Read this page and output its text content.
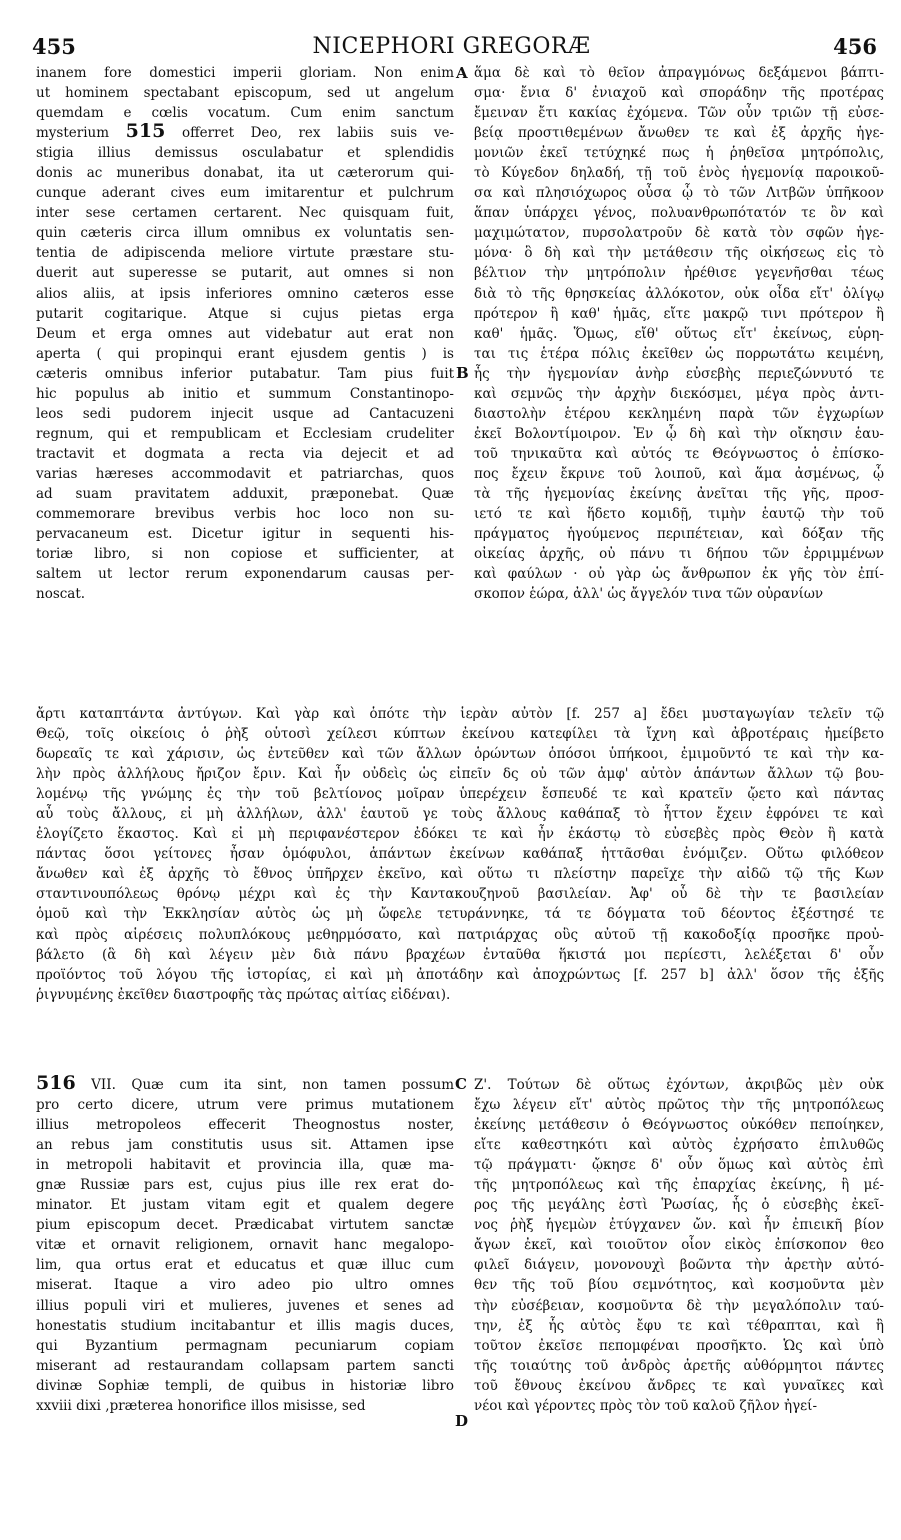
455	NICEPHORI GREGORÆ	456
inanem fore domestici imperii gloriam. Non enim
ut hominem spectabant episcopum, sed ut angelum
quemdam e cœlis vocatum. Cum enim sanctum
mysterium 515 offerret Deo, rex labiis suis ve-
stigia illius demissus osculabatur et splendidis
donis ac muneribus donabat, ita ut cæterorum qui-
cunque aderant cives eum imitarentur et pulchrum
inter sese certamen certarent. Nec quisquam fuit,
quin cæteris circa illum omnibus ex voluntatis sen-
tentia de adipiscenda meliore virtute præstare stu-
duerit aut superesse se putarit, aut omnes si non
alios aliis, at ipsis inferiores omnino cæteros esse
putarit cogitarique. Atque si cujus pietas erga
Deum et erga omnes aut videbatur aut erat non
aperta ( qui propinqui erant ejusdem gentis ) is
cæteris omnibus inferior putabatur. Tam pius fuit
hic populus ab initio et summum Constantinopo-
leos sedi pudorem injecit usque ad Cantacuzeni
regnum, qui et rempublicam et Ecclesiam crudeliter
tractavit et dogmata a recta via dejecit et ad
varias hæreses accommodavit et patriarchas, quos
ad suam pravitatem adduxit, præponebat. Quæ
commemorare brevibus verbis hoc loco non su-
pervacaneum est. Dicetur igitur in sequenti his-
toriæ libro, si non copiose et sufficienter, at
saltem ut lector rerum exponendarum causas per-
noscat.
ἅμα δὲ καὶ τὸ θεῖον ἀπραγμόνως δεξάμενοι βάπτι-
σμα· ἔνια δ' ἐνιαχοῦ καὶ σποράδην τῆς προτέρας
ἔμειναν ἔτι κακίας ἐχόμενα. Τῶν οὖν τριῶν τῇ εὐσε-
βείᾳ προστιθεμένων ἄνωθεν τε καὶ ἐξ ἀρχῆς ἡγε-
μονιῶν ἐκεῖ τετύχηκέ πως ἡ ῥηθεῖσα μητρόπολις,
τὸ Κύγεδον δηλαδή, τῇ τοῦ ἑνὸς ἡγεμονίᾳ παροικοῦ-
σα καὶ πλησιόχωρος οὖσα ᾧ τὸ τῶν Λιτβῶν ὑπῆκοον
ἅπαν ὑπάρχει γένος, πολυανθρωπότατόν τε ὂν καὶ
μαχιμώτατον, πυρσολατροῦν δὲ κατὰ τὸν σφῶν ἡγε-
μόνα· ὃ δὴ καὶ τὴν μετάθεσιν τῆς οἰκήσεως εἰς τὸ
βέλτιον τὴν μητρόπολιν ἠρέθισε γεγενῆσθαι τέως
διὰ τὸ τῆς θρησκείας ἀλλόκοτον, οὐκ οἶδα εἴτ' ὀλίγῳ
πρότερον ἢ καθ' ἡμᾶς, εἴτε μακρῷ τινι πρότερον ἢ
καθ' ἡμᾶς. Ὅμως, εἴθ' οὕτως εἴτ' ἐκείνως, εὑρη-
ται τις ἑτέρα πόλις ἐκεῖθεν ὡς πορρωτάτω κειμένη,
ἧς τὴν ἡγεμονίαν ἀνὴρ εὐσεβὴς περιεζώννυτό τε
καὶ σεμνῶς τὴν ἀρχὴν διεκόσμει, μέγα πρὸς ἀντι-
διαστολὴν ἑτέρου κεκλημένη παρὰ τῶν ἐγχωρίων
ἐκεῖ Βολοντίμοιρον. Ἐν ᾧ δὴ καὶ τὴν οἴκησιν ἑαυ-
τοῦ τηνικαῦτα καὶ αὐτός τε Θεόγνωστος ὁ ἐπίσκο-
πος ἔχειν ἔκρινε τοῦ λοιποῦ, καὶ ἅμα ἀσμένως, ᾧ
τὰ τῆς ἡγεμονίας ἐκείνης ἀνεῖται τῆς γῆς, προσ-
ιετό τε καὶ ἥδετο κομιδῇ, τιμὴν ἑαυτῷ τὴν τοῦ
πράγματος ἡγούμενος περιπέτειαν, καὶ δόξαν τῆς
οἰκείας ἀρχῆς, οὐ πάνυ τι δήπου τῶν ἐρριμμένων
καὶ φαύλων · οὐ γὰρ ὡς ἄνθρωπον ἐκ γῆς τὸν ἐπί-
σκοπον ἑώρα, ἀλλ' ὡς ἄγγελόν τινα τῶν οὐρανίων
A
B
ἄρτι καταπτάντα ἀντύγων. Καὶ γὰρ καὶ ὁπότε τὴν ἱερὰν αὐτὸν [f. 257 a] ἔδει μυσταγωγίαν τελεῖν τῷ
Θεῷ, τοῖς οἰκείοις ὁ ῥὴξ οὑτοσὶ χείλεσι κύπτων ἐκείνου κατεφίλει τὰ ἴχνη καὶ ἀβροτέραις ἠμείβετο
δωρεαῖς τε καὶ χάρισιν, ὡς ἐντεῦθεν καὶ τῶν ἄλλων ὁρώντων ὁπόσοι ὑπήκοοι, ἐμιμοῦντό τε καὶ τὴν κα-
λὴν πρὸς ἀλλήλους ἤριζον ἔριν. Καὶ ἦν οὐδεὶς ὡς εἰπεῖν δς οὐ τῶν ἀμφ' αὐτὸν ἁπάντων ἄλλων τῷ βου-
λομένῳ τῆς γνώμης ἐς τὴν τοῦ βελτίονος μοῖραν ὑπερέχειν ἔσπευδέ τε καὶ κρατεῖν ᾤετο καὶ πάντας
αὖ τοὺς ἄλλους, εἰ μὴ ἀλλήλων, ἀλλ' ἑαυτοῦ γε τοὺς ἄλλους καθάπαξ τὸ ἧττον ἔχειν ἐφρόνει τε καὶ
ἐλογίζετο ἕκαστος. Καὶ εἰ μὴ περιφανέστερον ἐδόκει τε καὶ ἦν ἑκάστῳ τὸ εὐσεβὲς πρὸς Θεὸν ἢ κατὰ
πάντας ὅσοι γείτονες ἦσαν ὁμόφυλοι, ἁπάντων ἐκείνων καθάπαξ ἡττᾶσθαι ἐνόμιζεν. Οὕτω φιλόθεον
ἄνωθεν καὶ ἐξ ἀρχῆς τὸ ἔθνος ὑπῆρχεν ἐκεῖνο, καὶ οὕτω τι πλείστην παρεῖχε τὴν αἰδῶ τῷ τῆς Κων
σταντινουπόλεως θρόνῳ μέχρι καὶ ἐς τὴν Καντακουζηνοῦ βασιλείαν. Ἀφ' οὗ δὲ τὴν τε βασιλείαν
ὁμοῦ καὶ τὴν Ἐκκλησίαν αὐτὸς ὡς μὴ ὤφελε τετυράννηκε, τά τε δόγματα τοῦ δέοντος ἐξέστησέ τε
καὶ πρὸς αἱρέσεις πολυπλόκους μεθηρμόσατο, καὶ πατριάρχας οὓς αὐτοῦ τῇ κακοδοξίᾳ προσῆκε προὐ-
βάλετο (ἃ δὴ καὶ λέγειν μὲν διὰ πάνυ βραχέων ἐνταῦθα ἥκιστά μοι περίεστι, λελέξεται δ' οὖν
προϊόντος τοῦ λόγου τῆς ἱστορίας, εἰ καὶ μὴ ἀποτάδην καὶ ἀποχρώντως [f. 257 b] ἀλλ' ὅσον τῆς ἑξῆς
ῥιγνυμένης ἐκεῖθεν διαστροφῆς τὰς πρώτας αἰτίας εἰδέναι).
516 VII. Quæ cum ita sint, non tamen possum
pro certo dicere, utrum vere primus mutationem
illius metropoleos effecerit Theognostus noster,
an rebus jam constitutis usus sit. Attamen ipse
in metropoli habitavit et provincia illa, quæ ma-
gnæ Russiæ pars est, cujus pius ille rex erat do-
minator. Et justam vitam egit et qualem degere
pium episcopum decet. Prædicabat virtutem sanctæ
vitæ et ornavit religionem, ornavit hanc megalopo-
lim, qua ortus erat et educatus et quæ illuc cum
miserat. Itaque a viro adeo pio ultro omnes
illius populi viri et mulieres, juvenes et senes ad
honestatis studium incitabantur et illis magis duces,
qui Byzantium permagnam pecuniarum copiam
miserant ad restaurandam collapsam partem sancti
divinæ Sophiæ templi, de quibus in historiæ libro
xxviii dixi ,præterea honorifice illos misisse, sed
Ζ'. Τούτων δὲ οὕτως ἐχόντων, ἀκριβῶς μὲν οὐκ
ἔχω λέγειν εἴτ' αὐτὸς πρῶτος τὴν τῆς μητροπόλεως
ἐκείνης μετάθεσιν ὁ Θεόγνωστος οὑκόθεν πεποίηκεν,
εἴτε καθεστηκότι καὶ αὐτὸς ἐχρήσατο ἐπιλυθῶς
τῷ πράγματι· ᾤκησε δ' οὖν ὅμως καὶ αὐτὸς ἐπὶ
τῆς μητροπόλεως καὶ τῆς ἐπαρχίας ἐκείνης, ἣ μέ-
ρος τῆς μεγάλης ἐστὶ Ῥωσίας, ἧς ὁ εὐσεβὴς ἐκεῖ-
νος ῥὴξ ἡγεμὼν ἐτύγχανεν ὤν. καὶ ἦν ἐπιεικῆ βίον
ἄγων ἐκεῖ, καὶ τοιοῦτον οἷον εἰκὸς ἐπίσκοπον θεο
φιλεῖ διάγειν, μονονουχὶ βοῶντα τὴν ἀρετὴν αὐτό-
θεν τῆς τοῦ βίου σεμνότητος, καὶ κοσμοῦντα μὲν
τὴν εὐσέβειαν, κοσμοῦντα δὲ τὴν μεγαλόπολιν ταύ-
την, ἐξ ἧς αὐτὸς ἔφυ τε καὶ τέθραπται, καὶ ἣ
τοῦτον ἐκεῖσε πεπομφέναι προσῆκτο. Ὡς καὶ ὑπὸ
τῆς τοιαύτης τοῦ ἀνδρὸς ἀρετῆς αὐθόρμητοι πάντες
τοῦ ἔθνους ἐκείνου ἄνδρες τε καὶ γυναῖκες καὶ
νέοι καὶ γέροντες πρὸς τὸν τοῦ καλοῦ ζῆλον ἠγεί-
C
D
